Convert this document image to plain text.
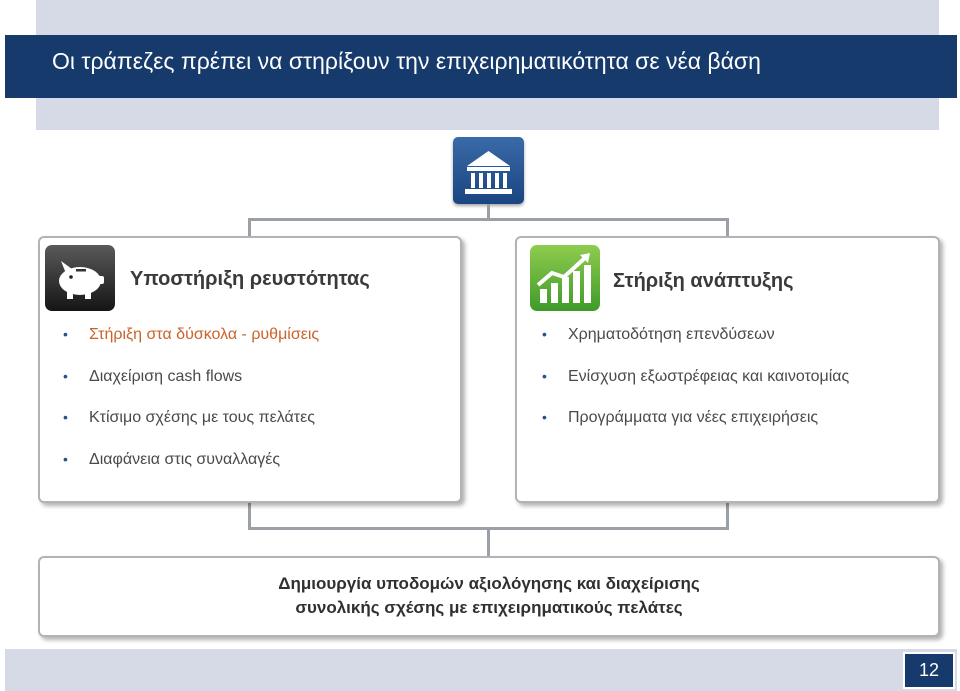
Οι τράπεζες πρέπει να στηρίξουν την επιχειρηματικότητα σε νέα βάση
Υποστήριξη ρευστότητας	Στήριξη ανάπτυξης
• Στήριξη στα δύσκολα - ρυθμίσεις
• Διαχείριση cash flows
• Κτίσιμο σχέσης με τους πελάτες
• Διαφάνεια στις συναλλαγές
• Χρηματοδότηση επενδύσεων
• Ενίσχυση εξωστρέφειας και καινοτομίας
• Προγράμματα για νέες επιχειρήσεις
Δημιουργία υποδομών αξιολόγησης και διαχείρισης
συνολικής σχέσης με επιχειρηματικούς πελάτες
12
